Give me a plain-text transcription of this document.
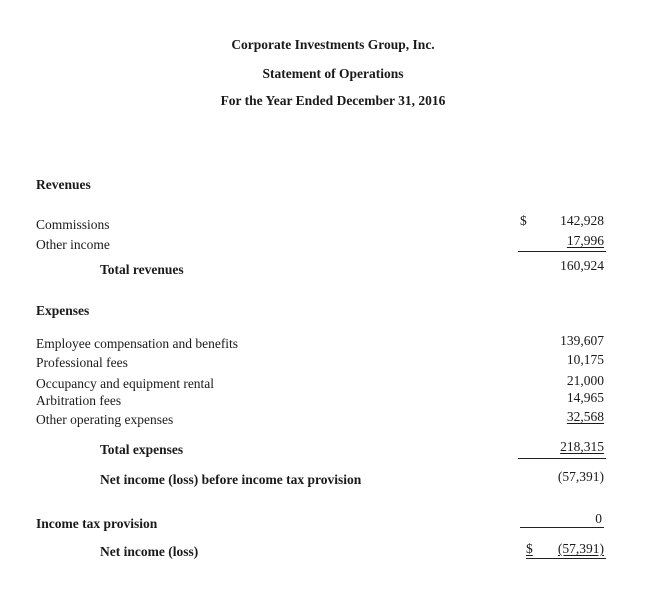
Corporate Investments Group, Inc.
Statement of Operations
For the Year Ended December 31, 2016
Revenues
Commissions	$ 142,928
Other income	17,996
Total revenues	160,924
Expenses
Employee compensation and benefits	139,607
Professional fees	10,175
Occupancy and equipment rental	21,000
Arbitration fees	14,965
Other operating expenses	32,568
Total expenses	218,315
Net income (loss) before income tax provision	(57,391)
Income tax provision	0
Net income (loss)	$ (57,391)
